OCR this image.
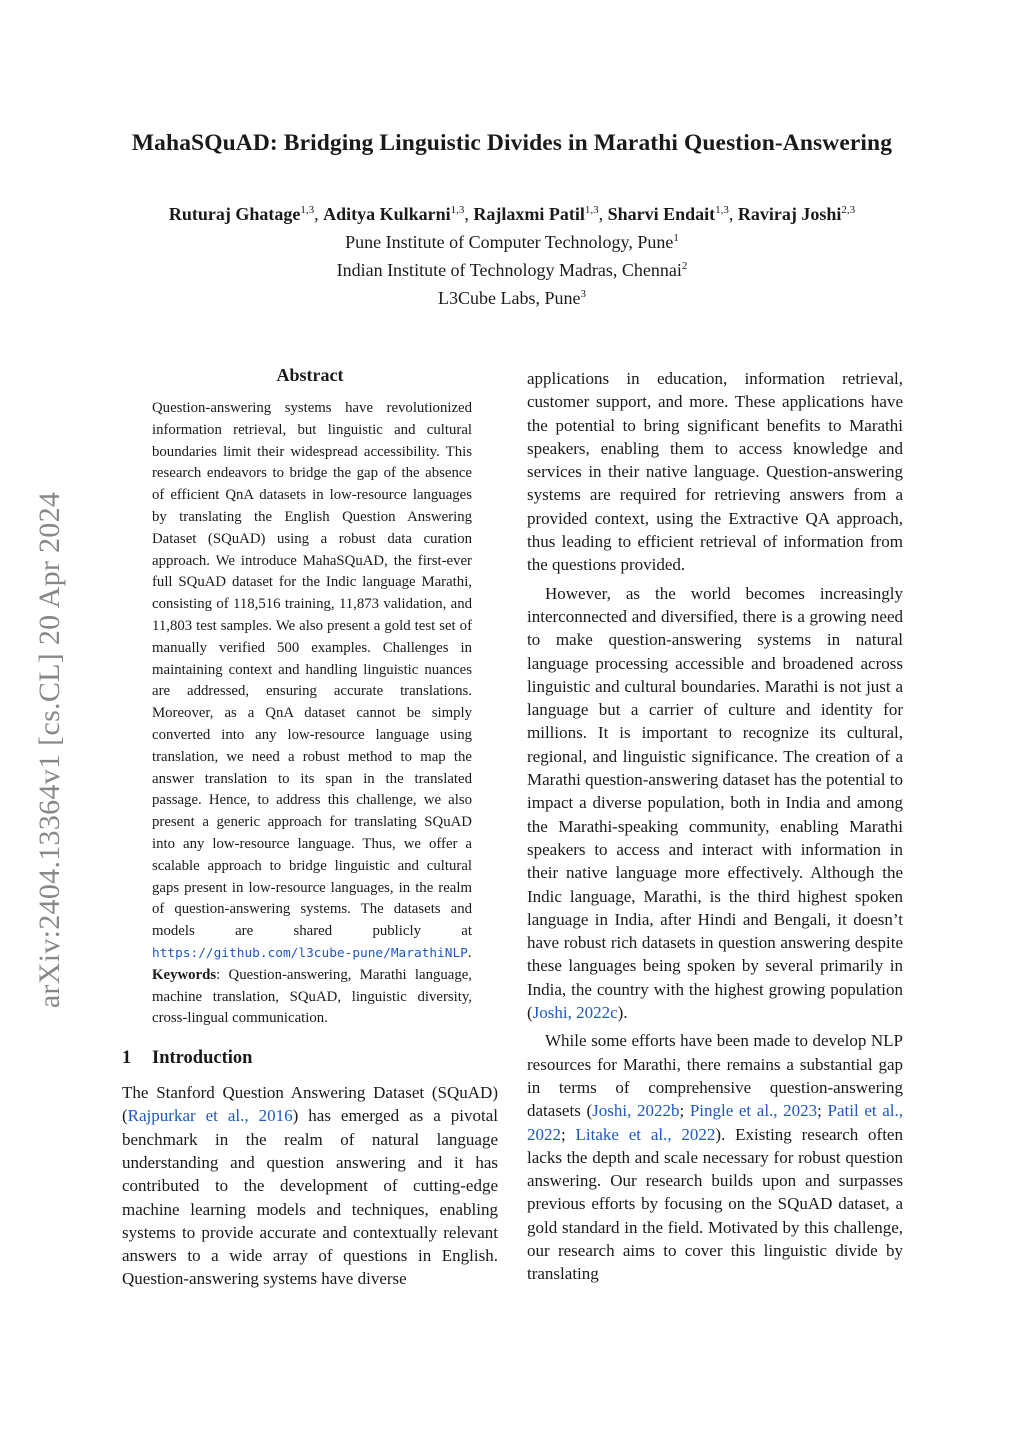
arXiv:2404.13364v1 [cs.CL] 20 Apr 2024
MahaSQuAD: Bridging Linguistic Divides in Marathi Question-Answering
Ruturaj Ghatage$^{1,3}$, Aditya Kulkarni$^{1,3}$, Rajlaxmi Patil$^{1,3}$, Sharvi Endait$^{1,3}$, Raviraj Joshi$^{2,3}$
Pune Institute of Computer Technology, Pune$^1$
Indian Institute of Technology Madras, Chennai$^2$
L3Cube Labs, Pune$^3$
Abstract

Question-answering systems have revolutionized information retrieval, but linguistic and cultural boundaries limit their widespread accessibility. This research endeavors to bridge the gap of the absence of efficient QnA datasets in low-resource languages by translating the English Question Answering Dataset (SQuAD) using a robust data curation approach. We introduce MahaSQuAD, the first-ever full SQuAD dataset for the Indic language Marathi, consisting of 118,516 training, 11,873 validation, and 11,803 test samples. We also present a gold test set of manually verified 500 examples. Challenges in maintaining context and handling linguistic nuances are addressed, ensuring accurate translations. Moreover, as a QnA dataset cannot be simply converted into any low-resource language using translation, we need a robust method to map the answer translation to its span in the translated passage. Hence, to address this challenge, we also present a generic approach for translating SQuAD into any low-resource language. Thus, we offer a scalable approach to bridge linguistic and cultural gaps present in low-resource languages, in the realm of question-answering systems. The datasets and models are shared publicly at https://github.com/l3cube-pune/MarathiNLP.

Keywords: Question-answering, Marathi language, machine translation, SQuAD, linguistic diversity, cross-lingual communication.

1 Introduction

The Stanford Question Answering Dataset (SQuAD) (Rajpurkar et al., 2016) has emerged as a pivotal benchmark in the realm of natural language understanding and question answering and it has contributed to the development of cutting-edge machine learning models and techniques, enabling systems to provide accurate and contextually relevant answers to a wide array of questions in English. Question-answering systems have diverse

applications in education, information retrieval, customer support, and more. These applications have the potential to bring significant benefits to Marathi speakers, enabling them to access knowledge and services in their native language. Question-answering systems are required for retrieving answers from a provided context, using the Extractive QA approach, thus leading to efficient retrieval of information from the questions provided.

However, as the world becomes increasingly interconnected and diversified, there is a growing need to make question-answering systems in natural language processing accessible and broadened across linguistic and cultural boundaries. Marathi is not just a language but a carrier of culture and identity for millions. It is important to recognize its cultural, regional, and linguistic significance. The creation of a Marathi question-answering dataset has the potential to impact a diverse population, both in India and among the Marathi-speaking community, enabling Marathi speakers to access and interact with information in their native language more effectively. Although the Indic language, Marathi, is the third highest spoken language in India, after Hindi and Bengali, it doesn’t have robust rich datasets in question answering despite these languages being spoken by several primarily in India, the country with the highest growing population (Joshi, 2022c).

While some efforts have been made to develop NLP resources for Marathi, there remains a substantial gap in terms of comprehensive question-answering datasets (Joshi, 2022b; Pingle et al., 2023; Patil et al., 2022; Litake et al., 2022). Existing research often lacks the depth and scale necessary for robust question answering. Our research builds upon and surpasses previous efforts by focusing on the SQuAD dataset, a gold standard in the field. Motivated by this challenge, our research aims to cover this linguistic divide by translating
